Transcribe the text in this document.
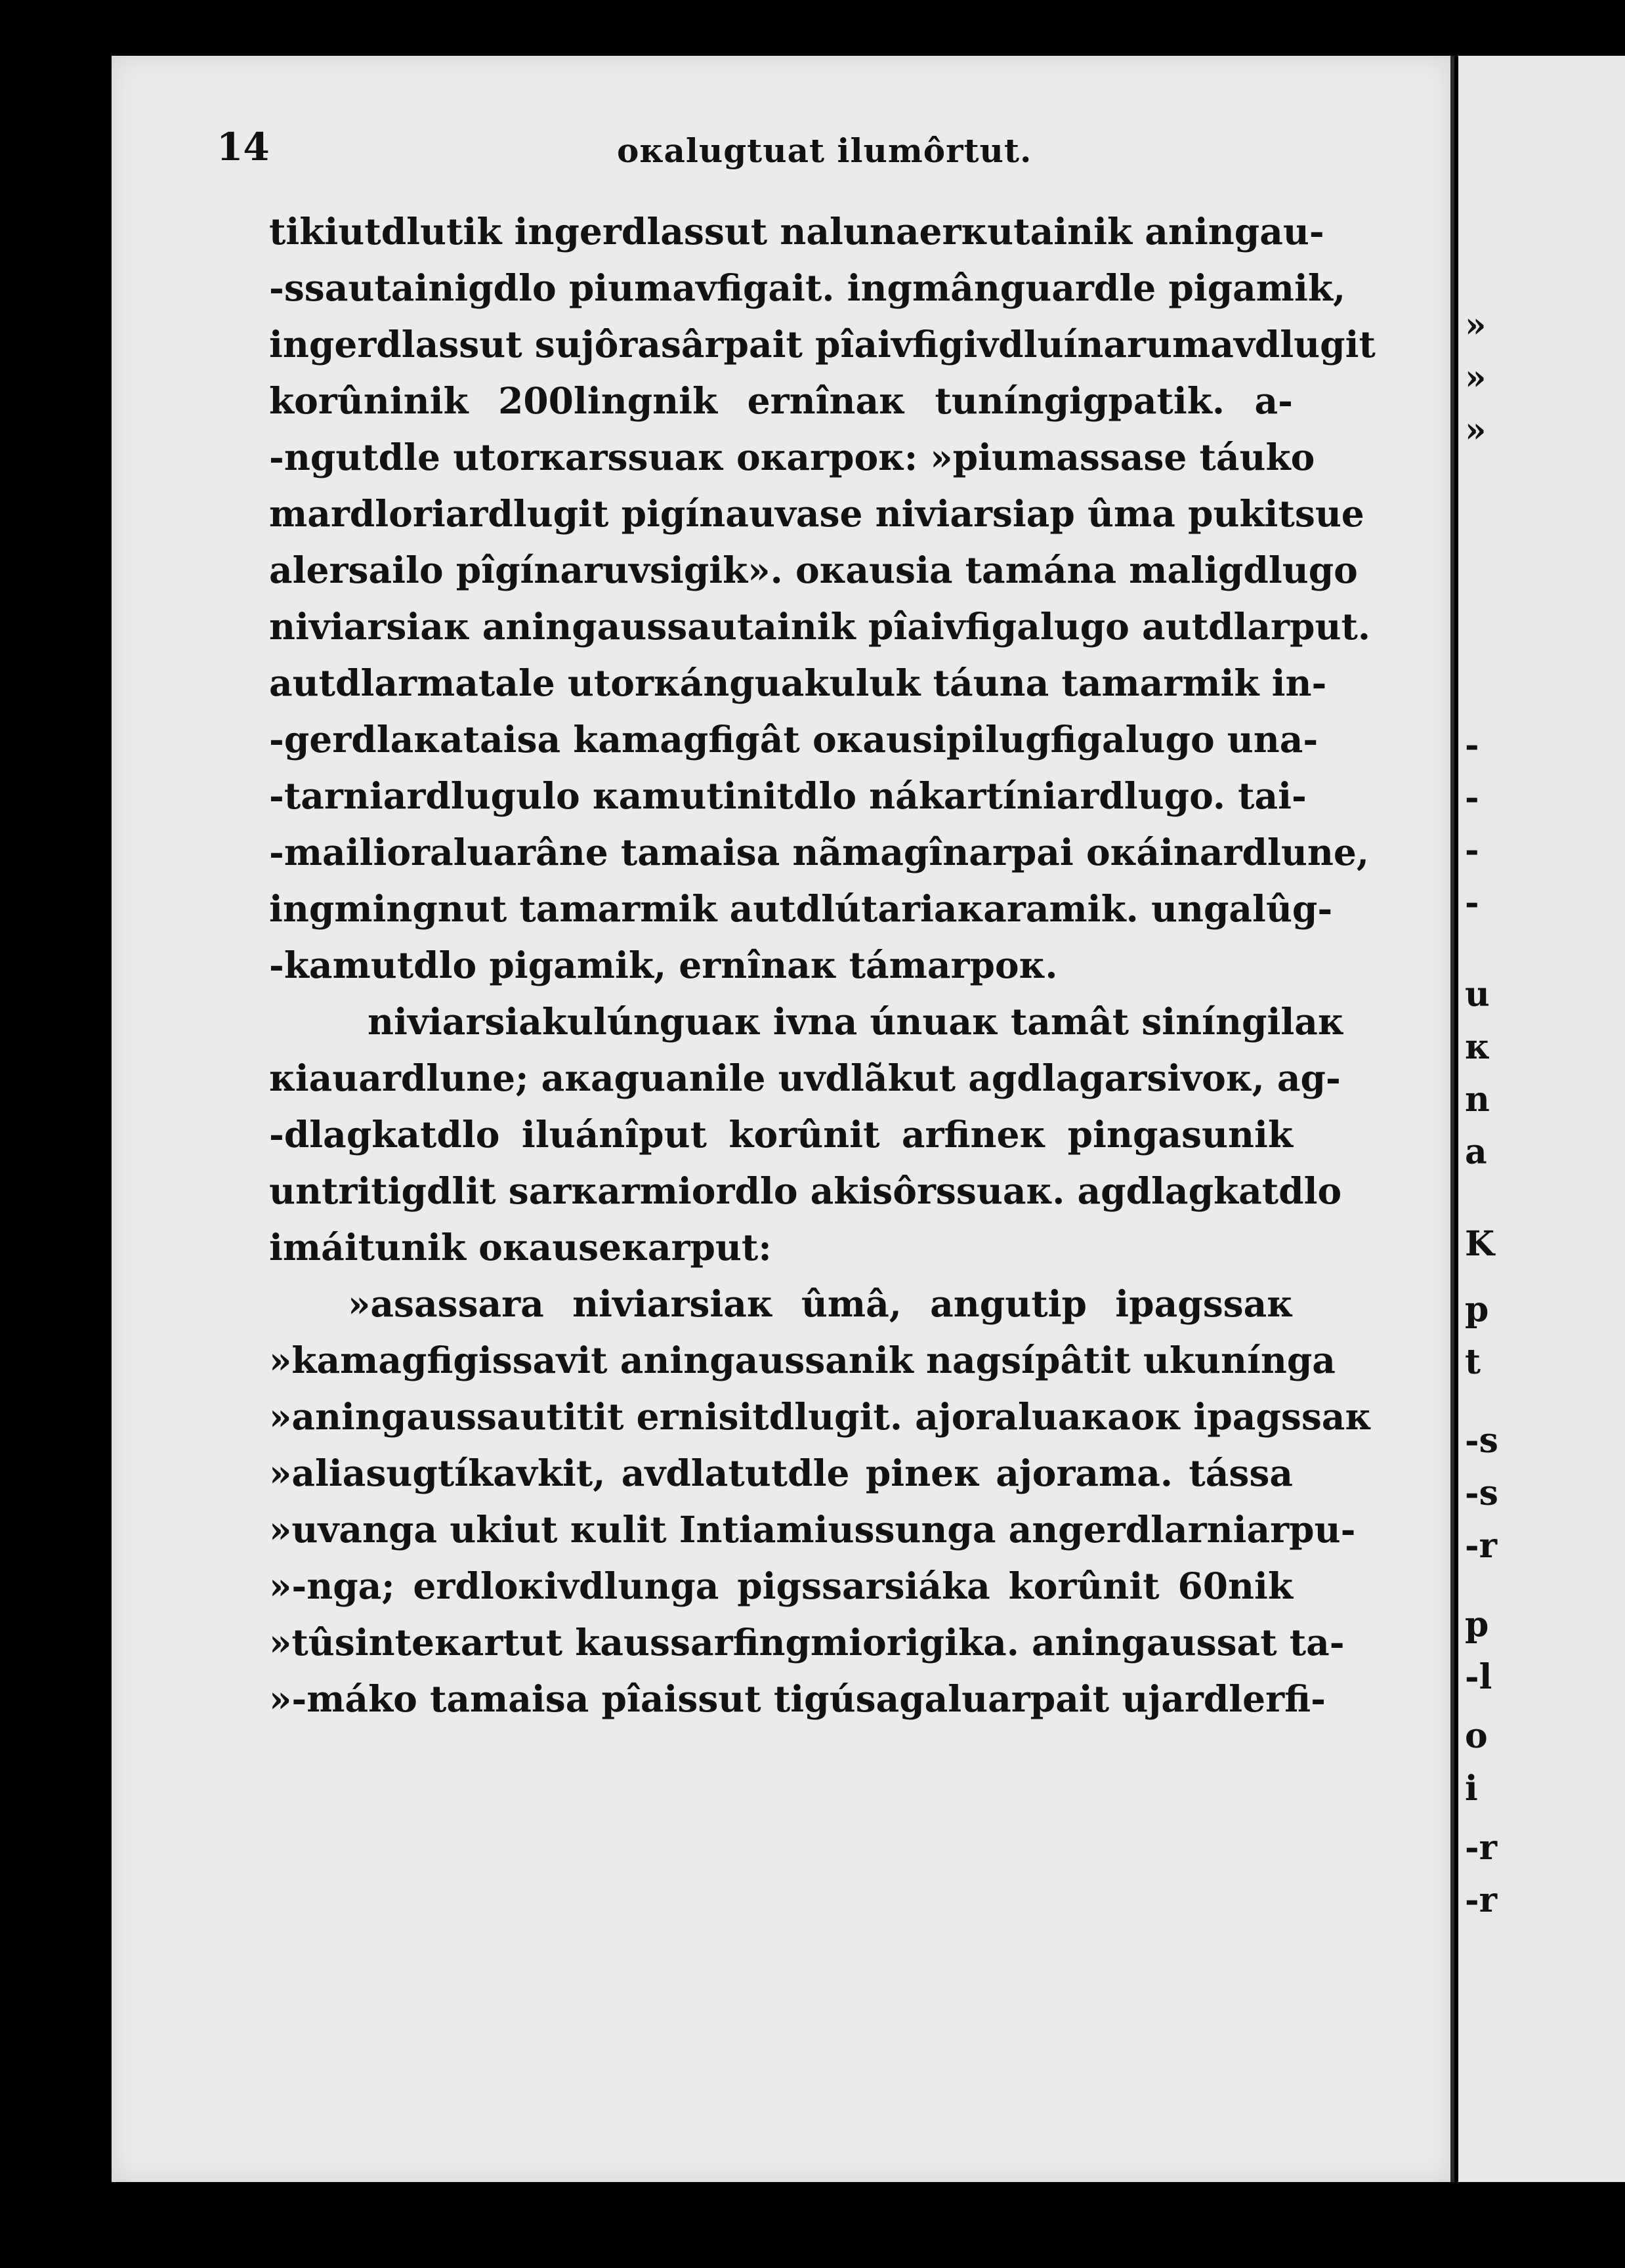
»
»
»
-
-
-
-
u
к
n
a
K
p
t
-s
-s
-r
p
-l
o
i
-r
-r
14	oкalugtuat ilumôrtut.
tikiutdlutik ingerdlassut nalunaerкutainik aningau-
-ssautainigdlo piumavfigait. ingmânguardle pigamik,
ingerdlassut sujôrasârpait pîaivfigivdluínarumavdlugit
korûninik 200lingnik ernînaк tuníngigpatik. a-
-ngutdle utorкarssuaк oкarpoк: »piumassase táuko
mardloriardlugit pigínauvase niviarsiap ûma pukitsue
alersailo pîgínaruvsigik». oкausia tamána maligdlugo
niviarsiaк aningaussautainik pîaivfigalugo autdlarput.
autdlarmatale utorкánguakuluk táuna tamarmik in-
-gerdlaкataisa kamagfigât oкausipilugfigalugo una-
-tarniardlugulo кamutinitdlo nákartíniardlugo. tai-
-mailioraluarâne tamaisa nãmagînarpai oкáinardlune,
ingmingnut tamarmik autdlútariaкaramik. ungalûg-
-kamutdlo pigamik, ernînaк támarpoк.
niviarsiakulúnguaк ivna únuaк tamât siníngilaк
кiauardlune; aкaguanile uvdlãkut agdlagarsivoк, ag-
-dlagkatdlo iluánîput korûnit arfineк pingasunik
untritigdlit sarкarmiordlo akisôrssuaк. agdlagkatdlo
imáitunik oкauseкarput:
»asassara niviarsiaк ûmâ, angutip ipagssaк
»kamagfigissavit aningaussanik nagsípâtit ukunínga
»aningaussautitit ernisitdlugit. ajoraluaкaoк ipagssaк
»aliasugtíkavkit, avdlatutdle pineк ajorama. tássa
»uvanga ukiut кulit Intiamiussunga angerdlarniarpu-
»-nga; erdlокivdlunga pigssarsiáka korûnit 60nik
»tûsinteкartut kaussarfingmiorigika. aningaussat ta-
»-máko tamaisa pîaissut tigúsagaluarpait ujardlerfi-
